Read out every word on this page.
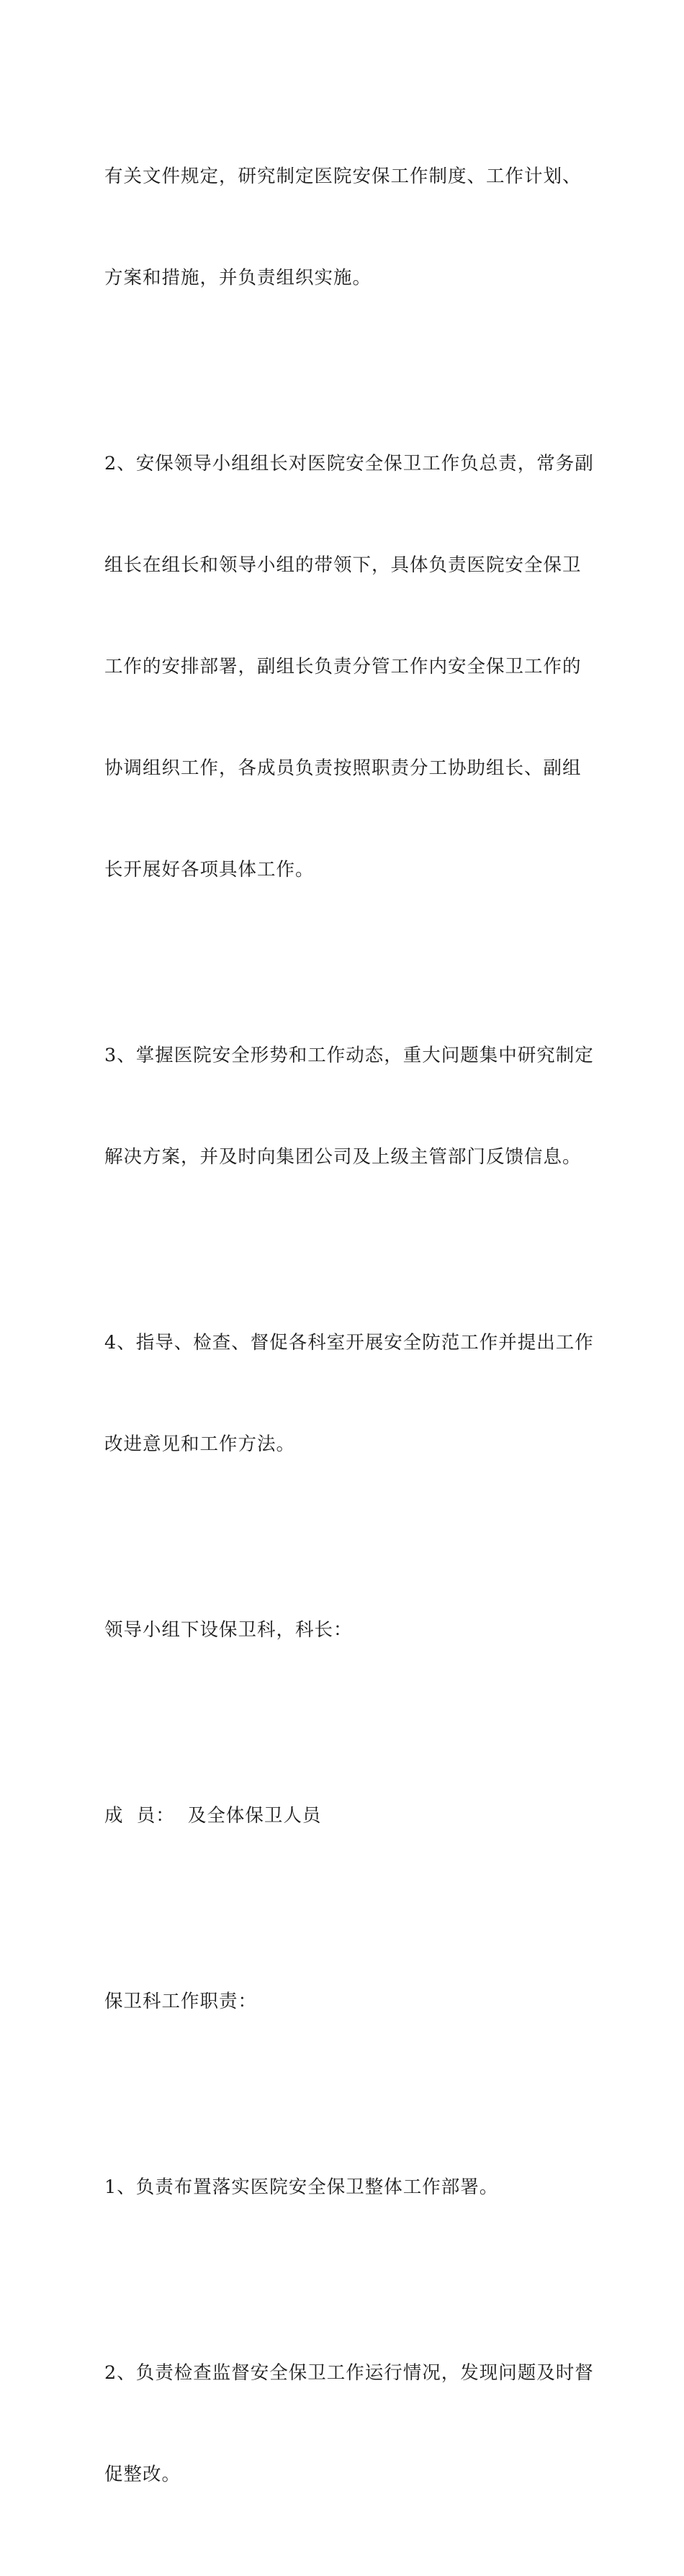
有关文件规定，研究制定医院安保工作制度、工作计划、

方案和措施，并负责组织实施。

2、安保领导小组组长对医院安全保卫工作负总责，常务副

组长在组长和领导小组的带领下，具体负责医院安全保卫

工作的安排部署，副组长负责分管工作内安全保卫工作的

协调组织工作，各成员负责按照职责分工协助组长、副组

长开展好各项具体工作。

3、掌握医院安全形势和工作动态，重大问题集中研究制定

解决方案，并及时向集团公司及上级主管部门反馈信息。

4、指导、检查、督促各科室开展安全防范工作并提出工作

改进意见和工作方法。

领导小组下设保卫科，科长：

成  员：  及全体保卫人员

保卫科工作职责：

1、负责布置落实医院安全保卫整体工作部署。

2、负责检查监督安全保卫工作运行情况，发现问题及时督

促整改。
